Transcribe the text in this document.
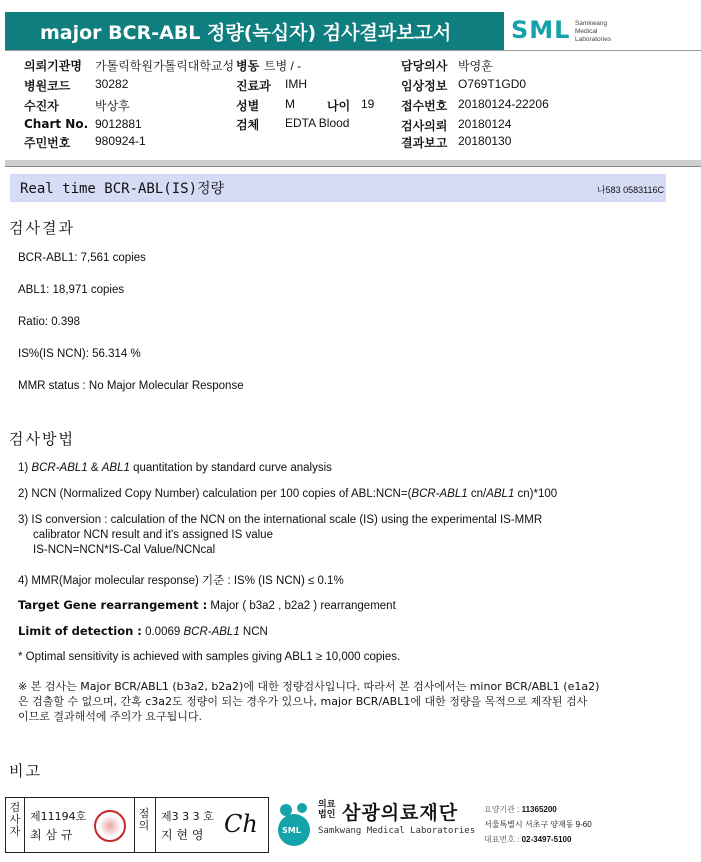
major BCR-ABL 정량(녹십자) 검사결과보고서 SML Samkwang
Medical
Laboratories
의뢰기관명 가톨릭학원가톨릭대학교성 병동 트병 / -	담당의사 박영훈
병원코드 30282	진료과 IMH	임상정보 O769T1GD0
수진자	박상후	성별 M	나이 19 접수번호 20180124-22206
Chart No. 9012881	검체 EDTA Blood	검사의뢰 20180124
주민번호 980924-1	결과보고 20180130
Real time BCR-ABL(IS)정량	나583 0583116C
검사결과
BCR-ABL1: 7,561 copies
ABL1: 18,971 copies
Ratio: 0.398
IS%(IS NCN): 56.314 %
MMR status : No Major Molecular Response
검사방법
1) BCR-ABL1 & ABL1 quantitation by standard curve analysis
2) NCN (Normalized Copy Number) calculation per 100 copies of ABL:NCN=(BCR-ABL1 cn/ABL1 cn)*100
3) IS conversion : calculation of the NCN on the international scale (IS) using the experimental IS-MMR
calibrator NCN result and it's assigned IS value
IS-NCN=NCN*IS-Cal Value/NCNcal
4) MMR(Major molecular response) 기준 : IS% (IS NCN) ≤ 0.1%
Target Gene rearrangement : Major ( b3a2 , b2a2 ) rearrangement
Limit of detection : 0.0069 BCR-ABL1 NCN
* Optimal sensitivity is achieved with samples giving ABL1 ≥ 10,000 copies.
※ 본 검사는 Major BCR/ABL1 (b3a2, b2a2)에 대한 정량검사입니다. 따라서 본 검사에서는 minor BCR/ABL1 (e1a2)
은 검출할 수 없으며, 간혹 c3a2도 정량이 되는 경우가 있으나, major BCR/ABL1에 대한 정량을 목적으로 제작된 검사
이므로 결과해석에 주의가 요구됩니다.
비고
검
사
자
제11194호
최 삼 규
점
의
제3 3 3 호
지 현 영 Ch	SML
의료
법인 삼광의료재단
Samkwang Medical Laboratories
요양기관 : 11365200
서울특별시 서초구 양재동 9-60
대표번호 : 02-3497-5100
